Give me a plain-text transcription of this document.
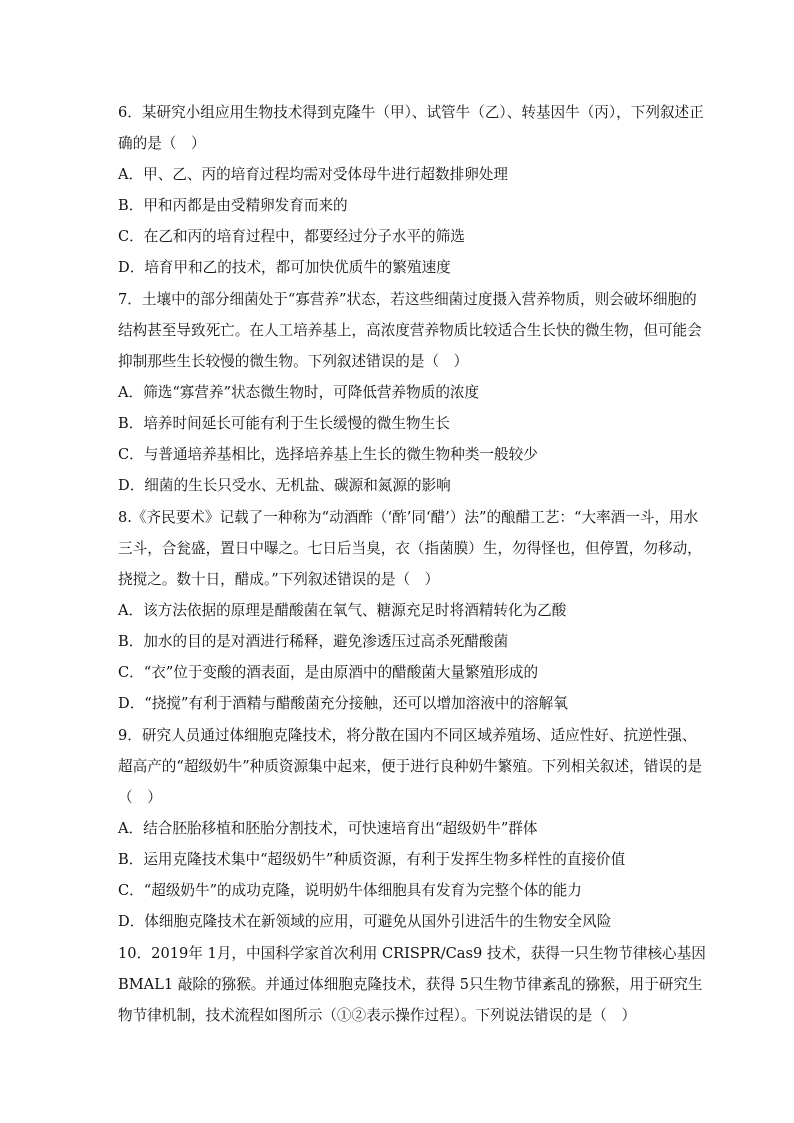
6．某研究小组应用生物技术得到克隆牛（甲）、试管牛（乙）、转基因牛（丙），下列叙述正
确的是（　）
A．甲、乙、丙的培育过程均需对受体母牛进行超数排卵处理
B．甲和丙都是由受精卵发育而来的
C．在乙和丙的培育过程中，都要经过分子水平的筛选
D．培育甲和乙的技术，都可加快优质牛的繁殖速度
7．土壤中的部分细菌处于“寡营养”状态，若这些细菌过度摄入营养物质，则会破坏细胞的
结构甚至导致死亡。在人工培养基上，高浓度营养物质比较适合生长快的微生物，但可能会
抑制那些生长较慢的微生物。下列叙述错误的是（　）
A．筛选“寡营养”状态微生物时，可降低营养物质的浓度
B．培养时间延长可能有利于生长缓慢的微生物生长
C．与普通培养基相比，选择培养基上生长的微生物种类一般较少
D．细菌的生长只受水、无机盐、碳源和氮源的影响
8.《齐民要术》记载了一种称为“动酒酢（‘酢’同‘醋’）法”的酿醋工艺：“大率酒一斗，用水
三斗，合瓮盛，置日中曝之。七日后当臭，衣（指菌膜）生，勿得怪也，但停置，勿移动，
挠搅之。数十日，醋成。”下列叙述错误的是（　）
A．该方法依据的原理是醋酸菌在氧气、糖源充足时将酒精转化为乙酸
B．加水的目的是对酒进行稀释，避免渗透压过高杀死醋酸菌
C．“衣”位于变酸的酒表面，是由原酒中的醋酸菌大量繁殖形成的
D．“挠搅”有利于酒精与醋酸菌充分接触，还可以增加溶液中的溶解氧
9．研究人员通过体细胞克隆技术，将分散在国内不同区域养殖场、适应性好、抗逆性强、
超高产的“超级奶牛”种质资源集中起来，便于进行良种奶牛繁殖。下列相关叙述，错误的是
（　）
A．结合胚胎移植和胚胎分割技术，可快速培育出“超级奶牛”群体
B．运用克隆技术集中“超级奶牛”种质资源，有利于发挥生物多样性的直接价值
C．“超级奶牛”的成功克隆，说明奶牛体细胞具有发育为完整个体的能力
D．体细胞克隆技术在新领域的应用，可避免从国外引进活牛的生物安全风险
10．2019年 1月，中国科学家首次利用 CRISPR/Cas9 技术，获得一只生物节律核心基因
BMAL1 敲除的猕猴。并通过体细胞克隆技术，获得 5只生物节律紊乱的猕猴，用于研究生
物节律机制，技术流程如图所示（①②表示操作过程）。下列说法错误的是（　）
